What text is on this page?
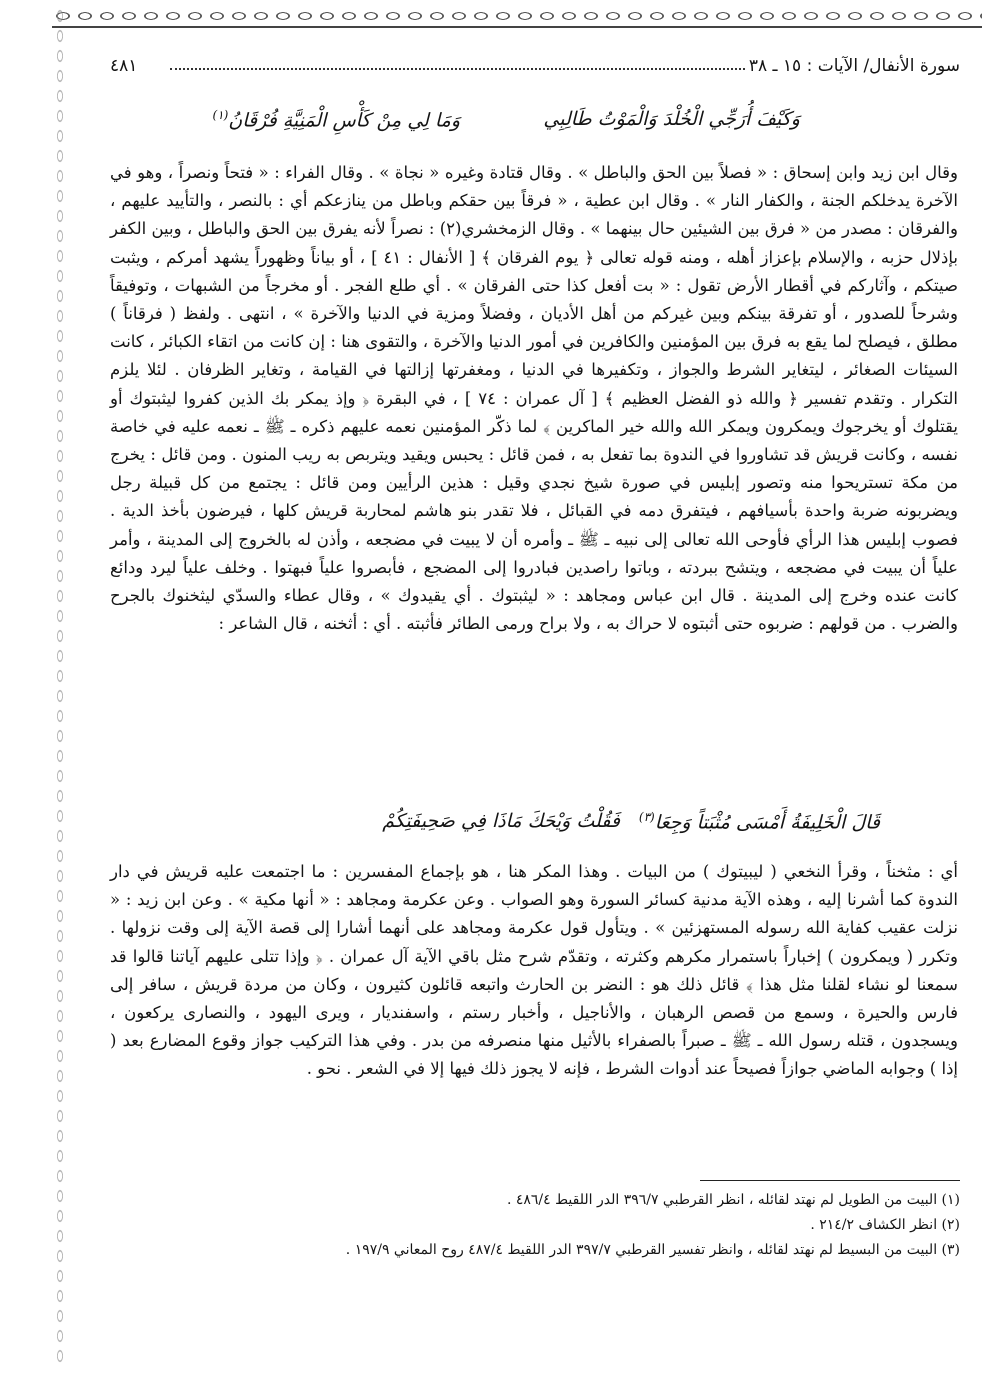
سورة الأنفال/ الآيات : ١٥ ـ ٣٨
٤٨١
وَكَيْفَ أُرَجِّي الْخُلْدَ وَالْمَوْتُ طَالِبِي
وَمَا لِي مِنْ كَأْسِ الْمَنِيَّةِ فُرْقَانُ$^{(١)}$

وقال ابن زيد وابن إسحاق : « فصلاً بين الحق والباطل » . وقال قتادة وغيره « نجاة » . وقال الفراء : « فتحاً ونصراً ، وهو في الآخرة يدخلكم الجنة ، والكفار النار » . وقال ابن عطية ، « فرقاً بين حقكم وباطل من ينازعكم أي : بالنصر ، والتأييد عليهم ، والفرقان : مصدر من « فرق بين الشيئين حال بينهما » . وقال الزمخشري(٢) : نصراً لأنه يفرق بين الحق والباطل ، وبين الكفر بإذلال حزبه ، والإسلام بإعزاز أهله ، ومنه قوله تعالى ﴿ يوم الفرقان ﴾ [ الأنفال : ٤١ ] ، أو بياناً وظهوراً يشهد أمركم ، ويثبت صيتكم ، وآثاركم في أقطار الأرض تقول : « بت أفعل كذا حتى الفرقان » . أي طلع الفجر . أو مخرجاً من الشبهات ، وتوفيقاً وشرحاً للصدور ، أو تفرقة بينكم وبين غيركم من أهل الأديان ، وفضلاً ومزية في الدنيا والآخرة » ، انتهى . ولفظ ( فرقاناً ) مطلق ، فيصلح لما يقع به فرق بين المؤمنين والكافرين في أمور الدنيا والآخرة ، والتقوى هنا : إن كانت من اتقاء الكبائر ، كانت السيئات الصغائر ، ليتغاير الشرط والجواز ، وتكفيرها في الدنيا ، ومغفرتها إزالتها في القيامة ، وتغاير الظرفان . لئلا يلزم التكرار . وتقدم تفسير ﴿ والله ذو الفضل العظيم ﴾ [ آل عمران : ٧٤ ] ، في البقرة ﴿ وإذ يمكر بك الذين كفروا ليثبتوك أو يقتلوك أو يخرجوك ويمكرون ويمكر الله والله خير الماكرين ﴾ لما ذكّر المؤمنين نعمه عليهم ذكره ـ ﷺ ـ نعمه عليه في خاصة نفسه ، وكانت قريش قد تشاوروا في الندوة بما تفعل به ، فمن قائل : يحبس ويقيد ويتربص به ريب المنون . ومن قائل : يخرج من مكة تستريحوا منه وتصور إبليس في صورة شيخ نجدي وقيل : هذين الرأيين ومن قائل : يجتمع من كل قبيلة رجل ويضربونه ضربة واحدة بأسيافهم ، فيتفرق دمه في القبائل ، فلا تقدر بنو هاشم لمحاربة قريش كلها ، فيرضون بأخذ الدية . فصوب إبليس هذا الرأي فأوحى الله تعالى إلى نبيه ـ ﷺ ـ وأمره أن لا يبيت في مضجعه ، وأذن له بالخروج إلى المدينة ، وأمر علياً أن يبيت في مضجعه ، ويتشح ببردته ، وباتوا راصدين فبادروا إلى المضجع ، فأبصروا علياً فبهتوا . وخلف علياً ليرد ودائع كانت عنده وخرج إلى المدينة . قال ابن عباس ومجاهد : « ليثبتوك . أي يقيدوك » ، وقال عطاء والسدّي ليثخنوك بالجرح والضرب . من قولهم : ضربوه حتى أثبتوه لا حراك به ، ولا براح ورمى الطائر فأثبته . أي : أثخنه ، قال الشاعر :

فَقُلْتُ وَيْحَكَ مَاذَا فِي صَحِيفَتِكُمْ	قَالَ الْخَلِيفَةُ أَمْسَى مُثْبَتاً وَجِعَا$^{(٣)}$

أي : مثخناً ، وقرأ النخعي ( ليبيتوك ) من البيات . وهذا المكر هنا ، هو بإجماع المفسرين : ما اجتمعت عليه قريش في دار الندوة كما أشرنا إليه ، وهذه الآية مدنية كسائر السورة وهو الصواب . وعن عكرمة ومجاهد : « أنها مكية » . وعن ابن زيد : « نزلت عقيب كفاية الله رسوله المستهزئين » . ويتأول قول عكرمة ومجاهد على أنهما أشارا إلى قصة الآية إلى وقت نزولها . وتكرر ( ويمكرون ) إخباراً باستمرار مكرهم وكثرته ، وتقدّم شرح مثل باقي الآية آل عمران . ﴿ وإذا تتلى عليهم آياتنا قالوا قد سمعنا لو نشاء لقلنا مثل هذا ﴾ قائل ذلك هو : النضر بن الحارث واتبعه قائلون كثيرون ، وكان من مردة قريش ، سافر إلى فارس والحيرة ، وسمع من قصص الرهبان ، والأناجيل ، وأخبار رستم ، واسفنديار ، ويرى اليهود ، والنصارى يركعون ، ويسجدون ، قتله رسول الله ـ ﷺ ـ صبراً بالصفراء بالأثيل منها منصرفه من بدر . وفي هذا التركيب جواز وقوع المضارع بعد ( إذا ) وجوابه الماضي جوازاً فصيحاً عند أدوات الشرط ، فإنه لا يجوز ذلك فيها إلا في الشعر . نحو .

(١) البيت من الطويل لم نهتد لقائله ، انظر القرطبي ٣٩٦/٧ الدر اللقيط ٤٨٦/٤ .
(٢) انظر الكشاف ٢١٤/٢ .
(٣) البيت من البسيط لم نهتد لقائله ، وانظر تفسير القرطبي ٣٩٧/٧ الدر اللقيط ٤٨٧/٤ روح المعاني ١٩٧/٩ .
